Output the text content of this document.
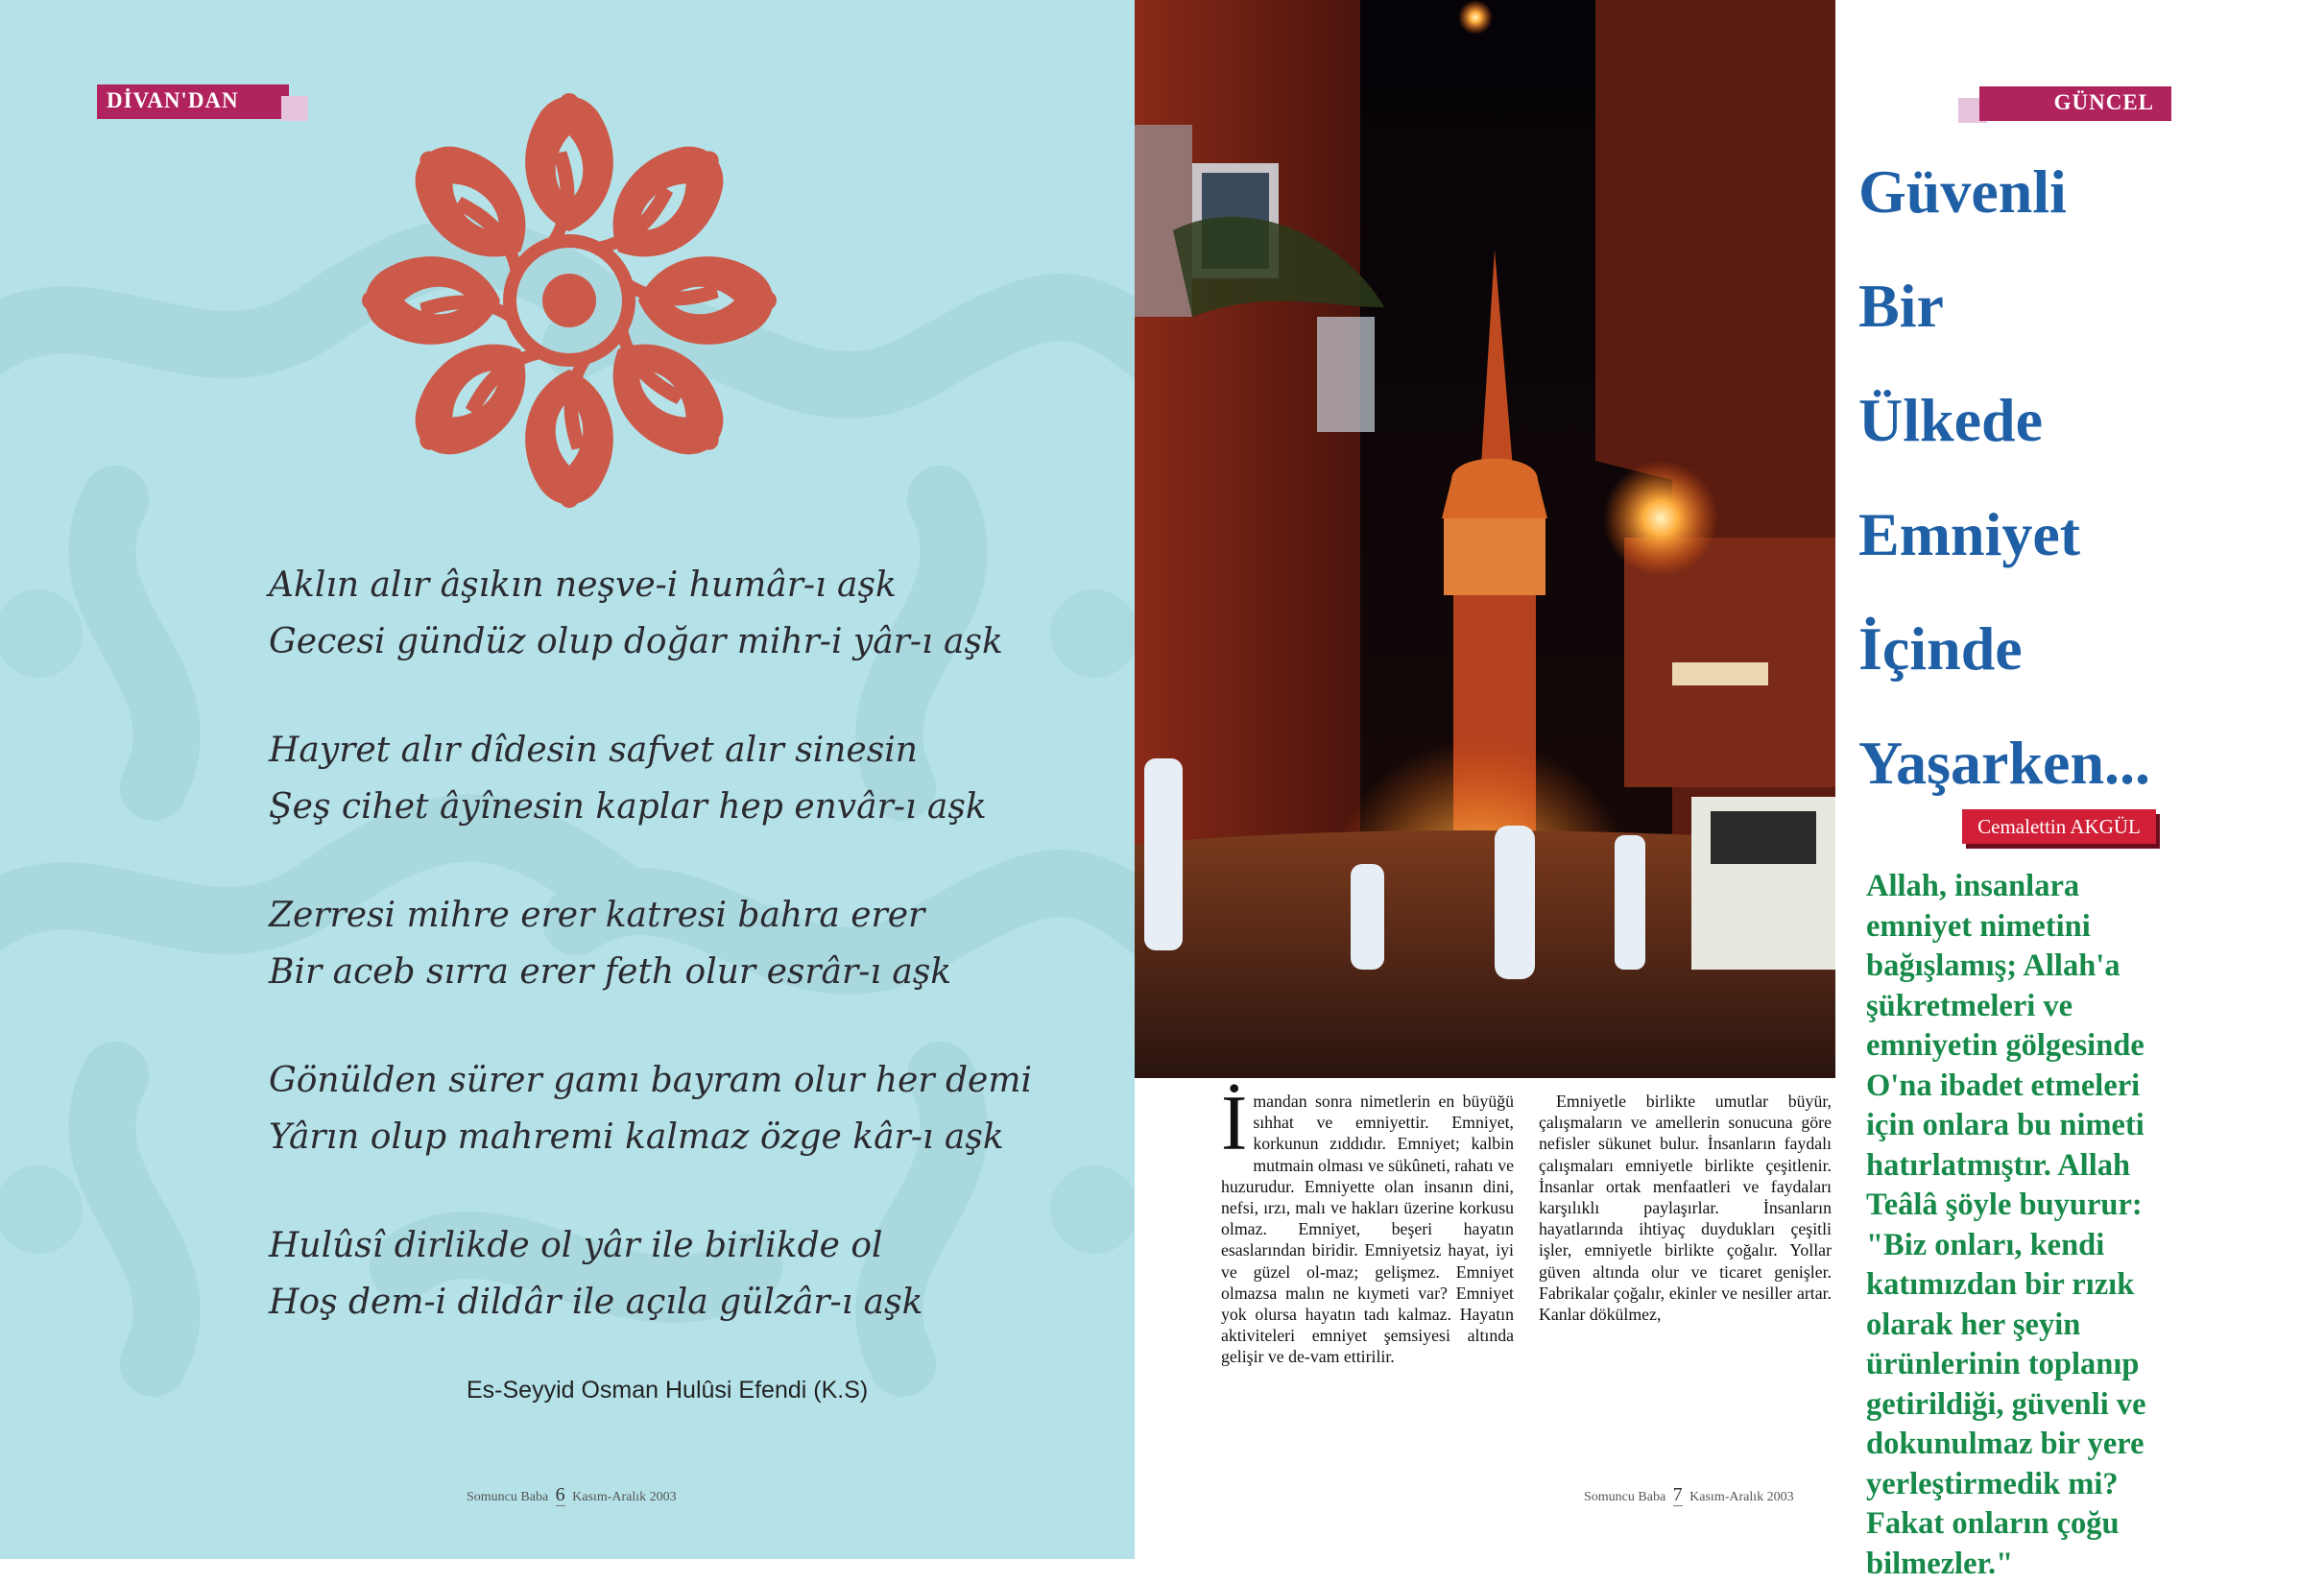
DİVAN'DAN
Aklın alır âşıkın neşve-i humâr-ı aşk
Gecesi gündüz olup doğar mihr-i yâr-ı aşk
Hayret alır dîdesin safvet alır sinesin
Şeş cihet âyînesin kaplar hep envâr-ı aşk
Zerresi mihre erer katresi bahra erer
Bir aceb sırra erer feth olur esrâr-ı aşk
Gönülden sürer gamı bayram olur her demi
Yârın olup mahremi kalmaz özge kâr-ı aşk
Hulûsî dirlikde ol yâr ile birlikde ol
Hoş dem-i dildâr ile açıla gülzâr-ı aşk
Es-Seyyid Osman Hulûsi Efendi (K.S)
Somuncu Baba 6 Kasım-Aralık 2003

İmandan sonra nimetlerin en büyüğü sıhhat ve emniyettir. Emniyet, korkunun zıddıdır. Emniyet; kalbin mutmain olması ve sükûneti, rahatı ve huzurudur. Emniyette olan insanın dini, nefsi, ırzı, malı ve hakları üzerine korkusu olmaz. Emniyet, beşeri hayatın esaslarından biridir. Emniyetsiz hayat, iyi ve güzel ol-maz; gelişmez. Emniyet olmazsa malın ne kıymeti var? Emniyet yok olursa hayatın tadı kalmaz. Hayatın aktiviteleri emniyet şemsiyesi altında gelişir ve de-vam ettirilir.

Emniyetle birlikte umutlar büyür, çalışmaların ve amellerin sonucuna göre nefisler sükunet bulur. İnsanların faydalı çalışmaları emniyetle birlikte çeşitlenir. İnsanlar ortak menfaatleri ve faydaları karşılıklı paylaşırlar. İnsanların hayatlarında ihtiyaç duydukları çeşitli işler, emniyetle birlikte çoğalır. Yollar güven altında olur ve ticaret genişler. Fabrikalar çoğalır, ekinler ve nesiller artar. Kanlar dökülmez,

Somuncu Baba 7 Kasım-Aralık 2003
GÜNCEL
Güvenli
Bir
Ülkede
Emniyet
İçinde
Yaşarken...
Cemalettin AKGÜL
Allah, insanlara emniyet nimetini bağışlamış; Allah'a şükretmeleri ve emniyetin gölgesinde O'na ibadet etmeleri için onlara bu nimeti hatırlatmıştır. Allah Teâlâ şöyle buyurur: "Biz onları, kendi katımızdan bir rızık olarak her şeyin ürünlerinin toplanıp getirildiği, güvenli ve dokunulmaz bir yere yerleştirmedik mi? Fakat onların çoğu bilmezler."
